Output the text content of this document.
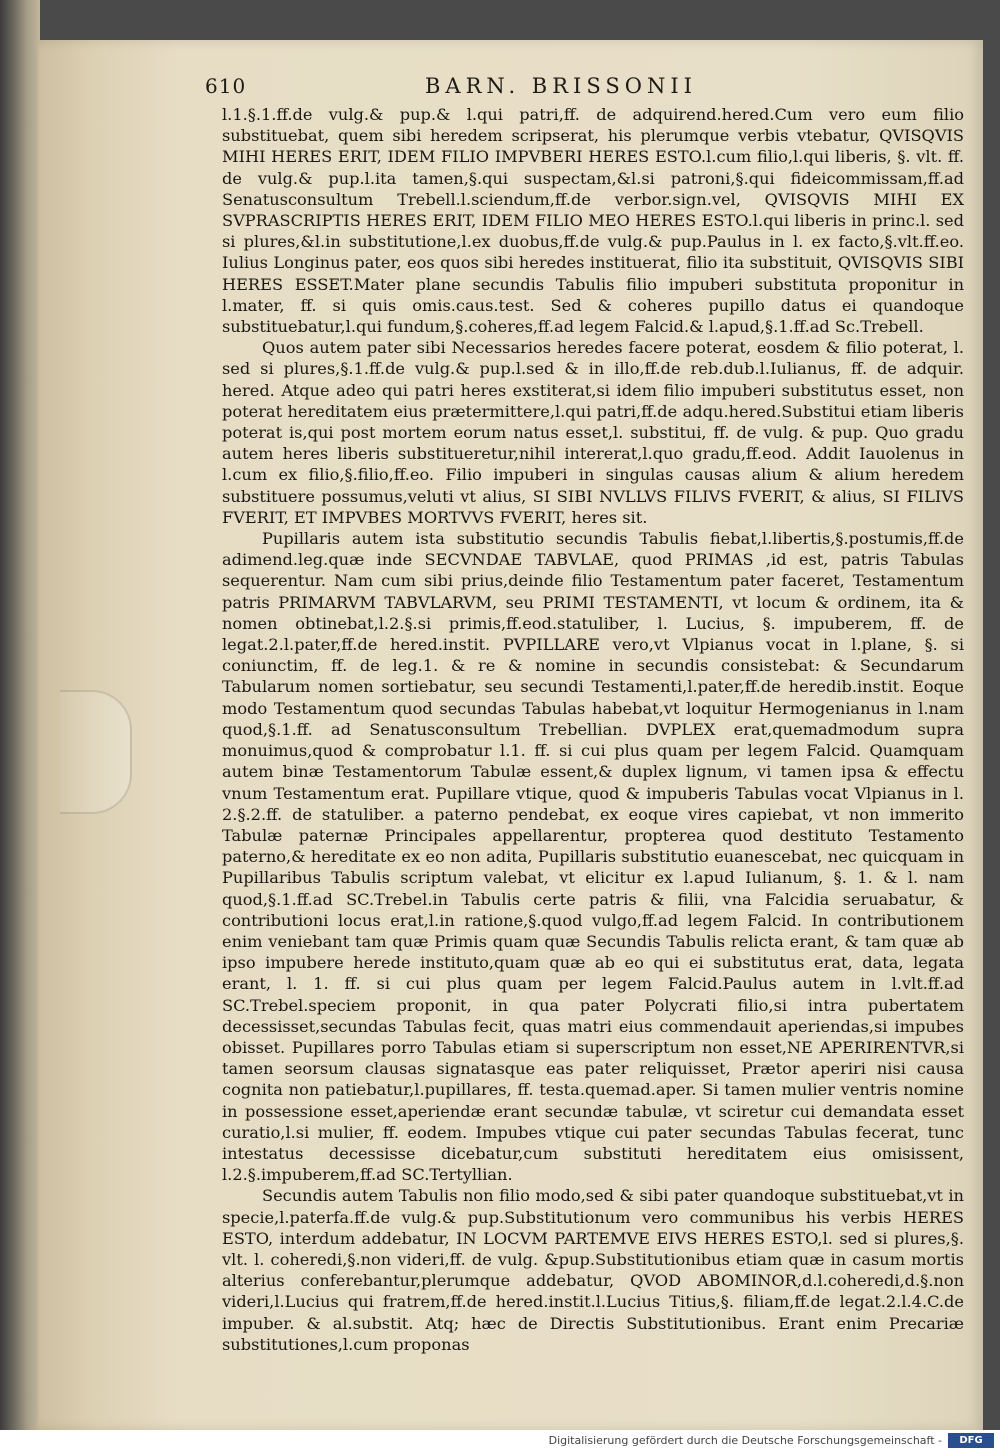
610	BARN. BRISSONII

l.1.§.1.ff.de vulg.& pup.& l.qui patri,ff. de adquirend.hered.Cum vero eum filio substituebat, quem sibi heredem scripserat, his plerumque verbis vtebatur, QVISQVIS MIHI HERES ERIT, IDEM FILIO IMPVBERI HERES ESTO.l.cum filio,l.qui liberis, §. vlt. ff. de vulg.& pup.l.ita tamen,§.qui suspectam,&l.si patroni,§.qui fideicommissam,ff.ad Senatusconsultum Trebell.l.sciendum,ff.de verbor.sign.vel, QVISQVIS MIHI EX SVPRASCRIPTIS HERES ERIT, IDEM FILIO MEO HERES ESTO.l.qui liberis in princ.l. sed si plures,&l.in substitutione,l.ex duobus,ff.de vulg.& pup.Paulus in l. ex facto,§.vlt.ff.eo. Iulius Longinus pater, eos quos sibi heredes instituerat, filio ita substituit, QVISQVIS SIBI HERES ESSET.Mater plane secundis Tabulis filio impuberi substituta proponitur in l.mater, ff. si quis omis.caus.test. Sed & coheres pupillo datus ei quandoque substituebatur,l.qui fundum,§.coheres,ff.ad legem Falcid.& l.apud,§.1.ff.ad Sc.Trebell.

Quos autem pater sibi Necessarios heredes facere poterat, eosdem & filio poterat, l. sed si plures,§.1.ff.de vulg.& pup.l.sed & in illo,ff.de reb.dub.l.Iulianus, ff. de adquir. hered. Atque adeo qui patri heres exstiterat,si idem filio impuberi substitutus esset, non poterat hereditatem eius prætermittere,l.qui patri,ff.de adqu.hered.Substitui etiam liberis poterat is,qui post mortem eorum natus esset,l. substitui, ff. de vulg. & pup. Quo gradu autem heres liberis substitueretur,nihil intererat,l.quo gradu,ff.eod. Addit Iauolenus in l.cum ex filio,§.filio,ff.eo. Filio impuberi in singulas causas alium & alium heredem substituere possumus,veluti vt alius, SI SIBI NVLLVS FILIVS FVERIT, & alius, SI FILIVS FVERIT, ET IMPVBES MORTVVS FVERIT, heres sit.

Pupillaris autem ista substitutio secundis Tabulis fiebat,l.libertis,§.postumis,ff.de adimend.leg.quæ inde SECVNDAE TABVLAE, quod PRIMAS ,id est, patris Tabulas sequerentur. Nam cum sibi prius,deinde filio Testamentum pater faceret, Testamentum patris PRIMARVM TABVLARVM, seu PRIMI TESTAMENTI, vt locum & ordinem, ita & nomen obtinebat,l.2.§.si primis,ff.eod.statuliber, l. Lucius, §. impuberem, ff. de legat.2.l.pater,ff.de hered.instit. PVPILLARE vero,vt Vlpianus vocat in l.plane, §. si coniunctim, ff. de leg.1. & re & nomine in secundis consistebat: & Secundarum Tabularum nomen sortiebatur, seu secundi Testamenti,l.pater,ff.de heredib.instit. Eoque modo Testamentum quod secundas Tabulas habebat,vt loquitur Hermogenianus in l.nam quod,§.1.ff. ad Senatusconsultum Trebellian. DVPLEX erat,quemadmodum supra monuimus,quod & comprobatur l.1. ff. si cui plus quam per legem Falcid. Quamquam autem binæ Testamentorum Tabulæ essent,& duplex lignum, vi tamen ipsa & effectu vnum Testamentum erat. Pupillare vtique, quod & impuberis Tabulas vocat Vlpianus in l. 2.§.2.ff. de statuliber. a paterno pendebat, ex eoque vires capiebat, vt non immerito Tabulæ paternæ Principales appellarentur, propterea quod destituto Testamento paterno,& hereditate ex eo non adita, Pupillaris substitutio euanescebat, nec quicquam in Pupillaribus Tabulis scriptum valebat, vt elicitur ex l.apud Iulianum, §. 1. & l. nam quod,§.1.ff.ad SC.Trebel.in Tabulis certe patris & filii, vna Falcidia seruabatur, & contributioni locus erat,l.in ratione,§.quod vulgo,ff.ad legem Falcid. In contributionem enim veniebant tam quæ Primis quam quæ Secundis Tabulis relicta erant, & tam quæ ab ipso impubere herede instituto,quam quæ ab eo qui ei substitutus erat, data, legata erant, l. 1. ff. si cui plus quam per legem Falcid.Paulus autem in l.vlt.ff.ad SC.Trebel.speciem proponit, in qua pater Polycrati filio,si intra pubertatem decessisset,secundas Tabulas fecit, quas matri eius commendauit aperiendas,si impubes obisset. Pupillares porro Tabulas etiam si superscriptum non esset,NE APERIRENTVR,si tamen seorsum clausas signatasque eas pater reliquisset, Prætor aperiri nisi causa cognita non patiebatur,l.pupillares, ff. testa.quemad.aper. Si tamen mulier ventris nomine in possessione esset,aperiendæ erant secundæ tabulæ, vt sciretur cui demandata esset curatio,l.si mulier, ff. eodem. Impubes vtique cui pater secundas Tabulas fecerat, tunc intestatus decessisse dicebatur,cum substituti hereditatem eius omisissent, l.2.§.impuberem,ff.ad SC.Tertyllian.

Secundis autem Tabulis non filio modo,sed & sibi pater quandoque substituebat,vt in specie,l.paterfa.ff.de vulg.& pup.Substitutionum vero communibus his verbis HERES ESTO, interdum addebatur, IN LOCVM PARTEMVE EIVS HERES ESTO,l. sed si plures,§. vlt. l. coheredi,§.non videri,ff. de vulg. &pup.Substitutionibus etiam quæ in casum mortis alterius conferebantur,plerumque addebatur, QVOD ABOMINOR,d.l.coheredi,d.§.non videri,l.Lucius qui fratrem,ff.de hered.instit.l.Lucius Titius,§. filiam,ff.de legat.2.l.4.C.de impuber. & al.substit. Atq; hæc de Directis Substitutionibus. Erant enim Precariæ substitutiones,l.cum proponas

Digitalisierung gefördert durch die Deutsche Forschungsgemeinschaft -	DFG
